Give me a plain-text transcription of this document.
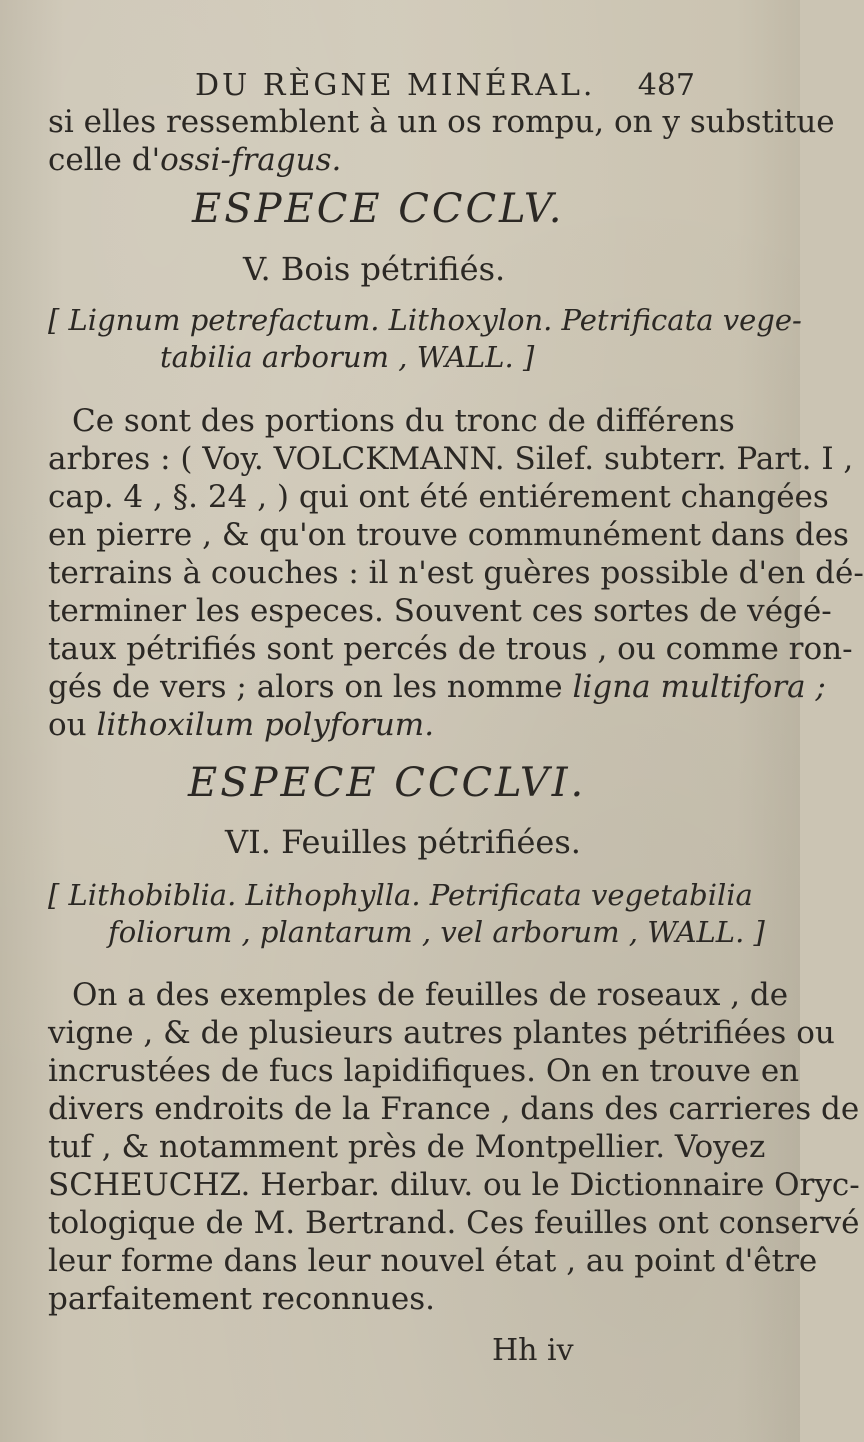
DU RÈGNE MINÉRAL. 487
si elles ressemblent à un os rompu, on y substitue
celle d'ossi-fragus.
ESPECE CCCLV.
V. Bois pétrifiés.
[ Lignum petrefactum. Lithoxylon. Petrificata vege-
tabilia arborum , WALL. ]
Ce sont des portions du tronc de différens
arbres : ( Voy. VOLCKMANN. Silef. subterr. Part. I ,
cap. 4 , §. 24 , ) qui ont été entiérement changées
en pierre , & qu'on trouve communément dans des
terrains à couches : il n'est guères possible d'en dé-
terminer les especes. Souvent ces sortes de végé-
taux pétrifiés sont percés de trous , ou comme ron-
gés de vers ; alors on les nomme ligna multifora ;
ou lithoxilum polyforum.
ESPECE CCCLVI.
VI. Feuilles pétrifiées.
[ Lithobiblia. Lithophylla. Petrificata vegetabilia
foliorum , plantarum , vel arborum , WALL. ]
On a des exemples de feuilles de roseaux , de
vigne , & de plusieurs autres plantes pétrifiées ou
incrustées de fucs lapidifiques. On en trouve en
divers endroits de la France , dans des carrieres de
tuf , & notamment près de Montpellier. Voyez
SCHEUCHZ. Herbar. diluv. ou le Dictionnaire Oryc-
tologique de M. Bertrand. Ces feuilles ont conservé
leur forme dans leur nouvel état , au point d'être
parfaitement reconnues.
Hh iv
